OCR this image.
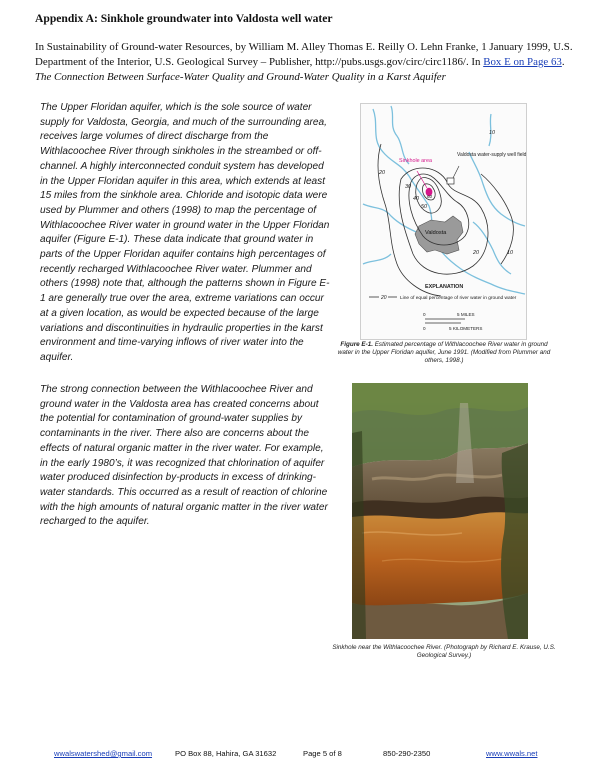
Appendix A: Sinkhole groundwater into Valdosta well water
In Sustainability of Ground-water Resources, by William M. Alley Thomas E. Reilly O. Lehn Franke, 1 January 1999, U.S. Department of the Interior, U.S. Geological Survey – Publisher, http://pubs.usgs.gov/circ/circ1186/. In Box E on Page 63. The Connection Between Surface-Water Quality and Ground-Water Quality in a Karst Aquifer
The Upper Floridan aquifer, which is the sole source of water supply for Valdosta, Georgia, and much of the surrounding area, receives large volumes of direct discharge from the Withlacoochee River through sinkholes in the streambed or off-channel. A highly interconnected conduit system has developed in the Upper Floridan aquifer in this area, which extends at least 15 miles from the sinkhole area. Chloride and isotopic data were used by Plummer and others (1998) to map the percentage of Withlacoochee River water in ground water in the Upper Floridan aquifer (Figure E-1). These data indicate that ground water in parts of the Upper Floridan aquifer contains high percentages of recently recharged Withlacoochee River water. Plummer and others (1998) note that, although the patterns shown in Figure E-1 are generally true over the area, extreme variations can occur at a given location, as would be expected because of the large variations and discontinuities in hydraulic properties in the karst environment and time-varying inflows of river water into the aquifer.
The strong connection between the Withlacoochee River and ground water in the Valdosta area has created concerns about the potential for contamination of ground-water supplies by contaminants in the river. There also are concerns about the effects of natural organic matter in the river water. For example, in the early 1980’s, it was recognized that chlorination of aquifer water produced disinfection by-products in excess of drinking-water standards. This occurred as a result of reaction of chlorine with the high amounts of natural organic matter in the river water recharged to the aquifer.
Sinkhole area
Valdosta water-supply well field
Valdosta
10
20
30
40
50
60
20	10
EXPLANATION
20	Line of equal percentage of river water in ground water
0	5 MILES
0	5 KILOMETERS
Figure E-1. Estimated percentage of Withlacoochee River water in ground water in the Upper Floridan aquifer, June 1991. (Modified from Plummer and others, 1998.)
Sinkhole near the Withlacoochee River. (Photograph by Richard E. Krause, U.S. Geological Survey.)
wwalswatershed@gmail.com	PO Box 88, Hahira, GA 31632	Page 5 of 8	850-290-2350	www.wwals.net
